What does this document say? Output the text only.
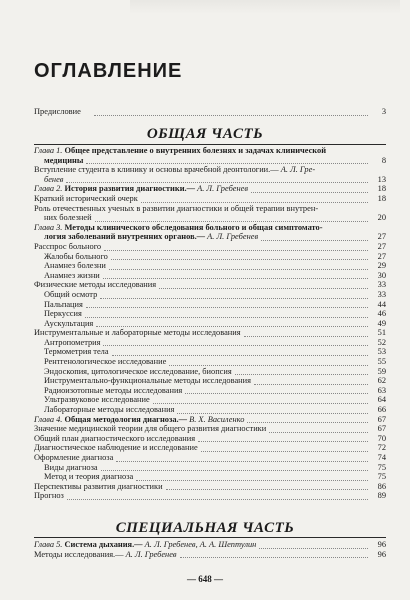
ОГЛАВЛЕНИЕ
Предисловие	3
ОБЩАЯ ЧАСТЬ
Глава 1. Общее представление о внутренних болезнях и задачах клинической
медицины	8
Вступление студента в клинику и основы врачебной деонтологии.— А. Л. Гре-
бенев	13
Глава 2. История развития диагностики.— А. Л. Гребенев	18
Краткий исторический очерк	18
Роль отечественных ученых в развитии диагностики и общей терапии внутрен-
них болезней	20
Глава 3. Методы клинического обследования больного и общая симптомато-
логия заболеваний внутренних органов.— А. Л. Гребенев	27
Расспрос больного	27
Жалобы больного	27
Анамнез болезни	29
Анамнез жизни	30
Физические методы исследования	33
Общий осмотр	33
Пальпация	44
Перкуссия	46
Аускультация	49
Инструментальные и лабораторные методы исследования	51
Антропометрия	52
Термометрия тела	53
Рентгенологическое исследование	55
Эндоскопия, цитологическое исследование, биопсия	59
Инструментально-функциональные методы исследования	62
Радиоизотопные методы исследования	63
Ультразвуковое исследование	64
Лабораторные методы исследования	66
Глава 4. Общая методология диагноза.— В. Х. Василенко	67
Значение медицинской теории для общего развития диагностики	67
Общий план диагностического исследования	70
Диагностическое наблюдение и исследование	72
Оформление диагноза	74
Виды диагноза	75
Метод и теория диагноза	75
Перспективы развития диагностики	86
Прогноз	89
СПЕЦИАЛЬНАЯ ЧАСТЬ
Глава 5. Система дыхания.— А. Л. Гребенев, А. А. Шептулин	96
Методы исследования.— А. Л. Гребенев	96
— 648 —
